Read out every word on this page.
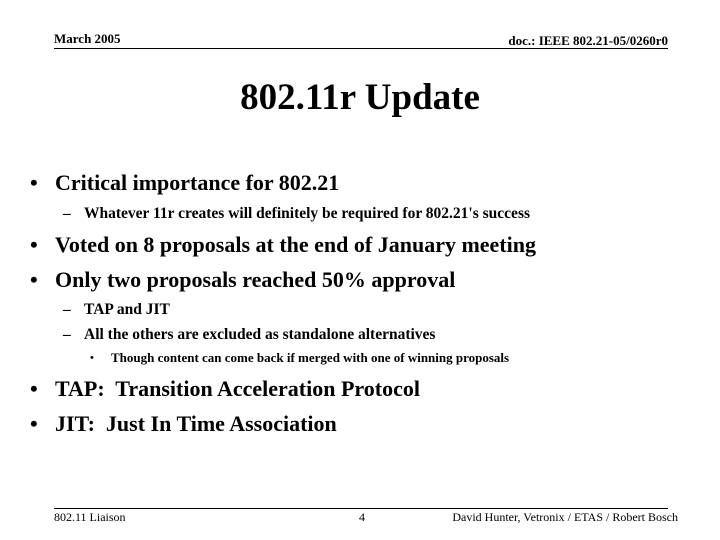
March 2005	doc.: IEEE 802.21-05/0260r0
802.11r Update
• Critical importance for 802.21
– Whatever 11r creates will definitely be required for 802.21's success
• Voted on 8 proposals at the end of January meeting
• Only two proposals reached 50% approval
– TAP and JIT
– All the others are excluded as standalone alternatives
• Though content can come back if merged with one of winning proposals
• TAP:  Transition Acceleration Protocol
• JIT:  Just In Time Association
802.11 Liaison	4	David Hunter, Vetronix / ETAS / Robert Bosch
